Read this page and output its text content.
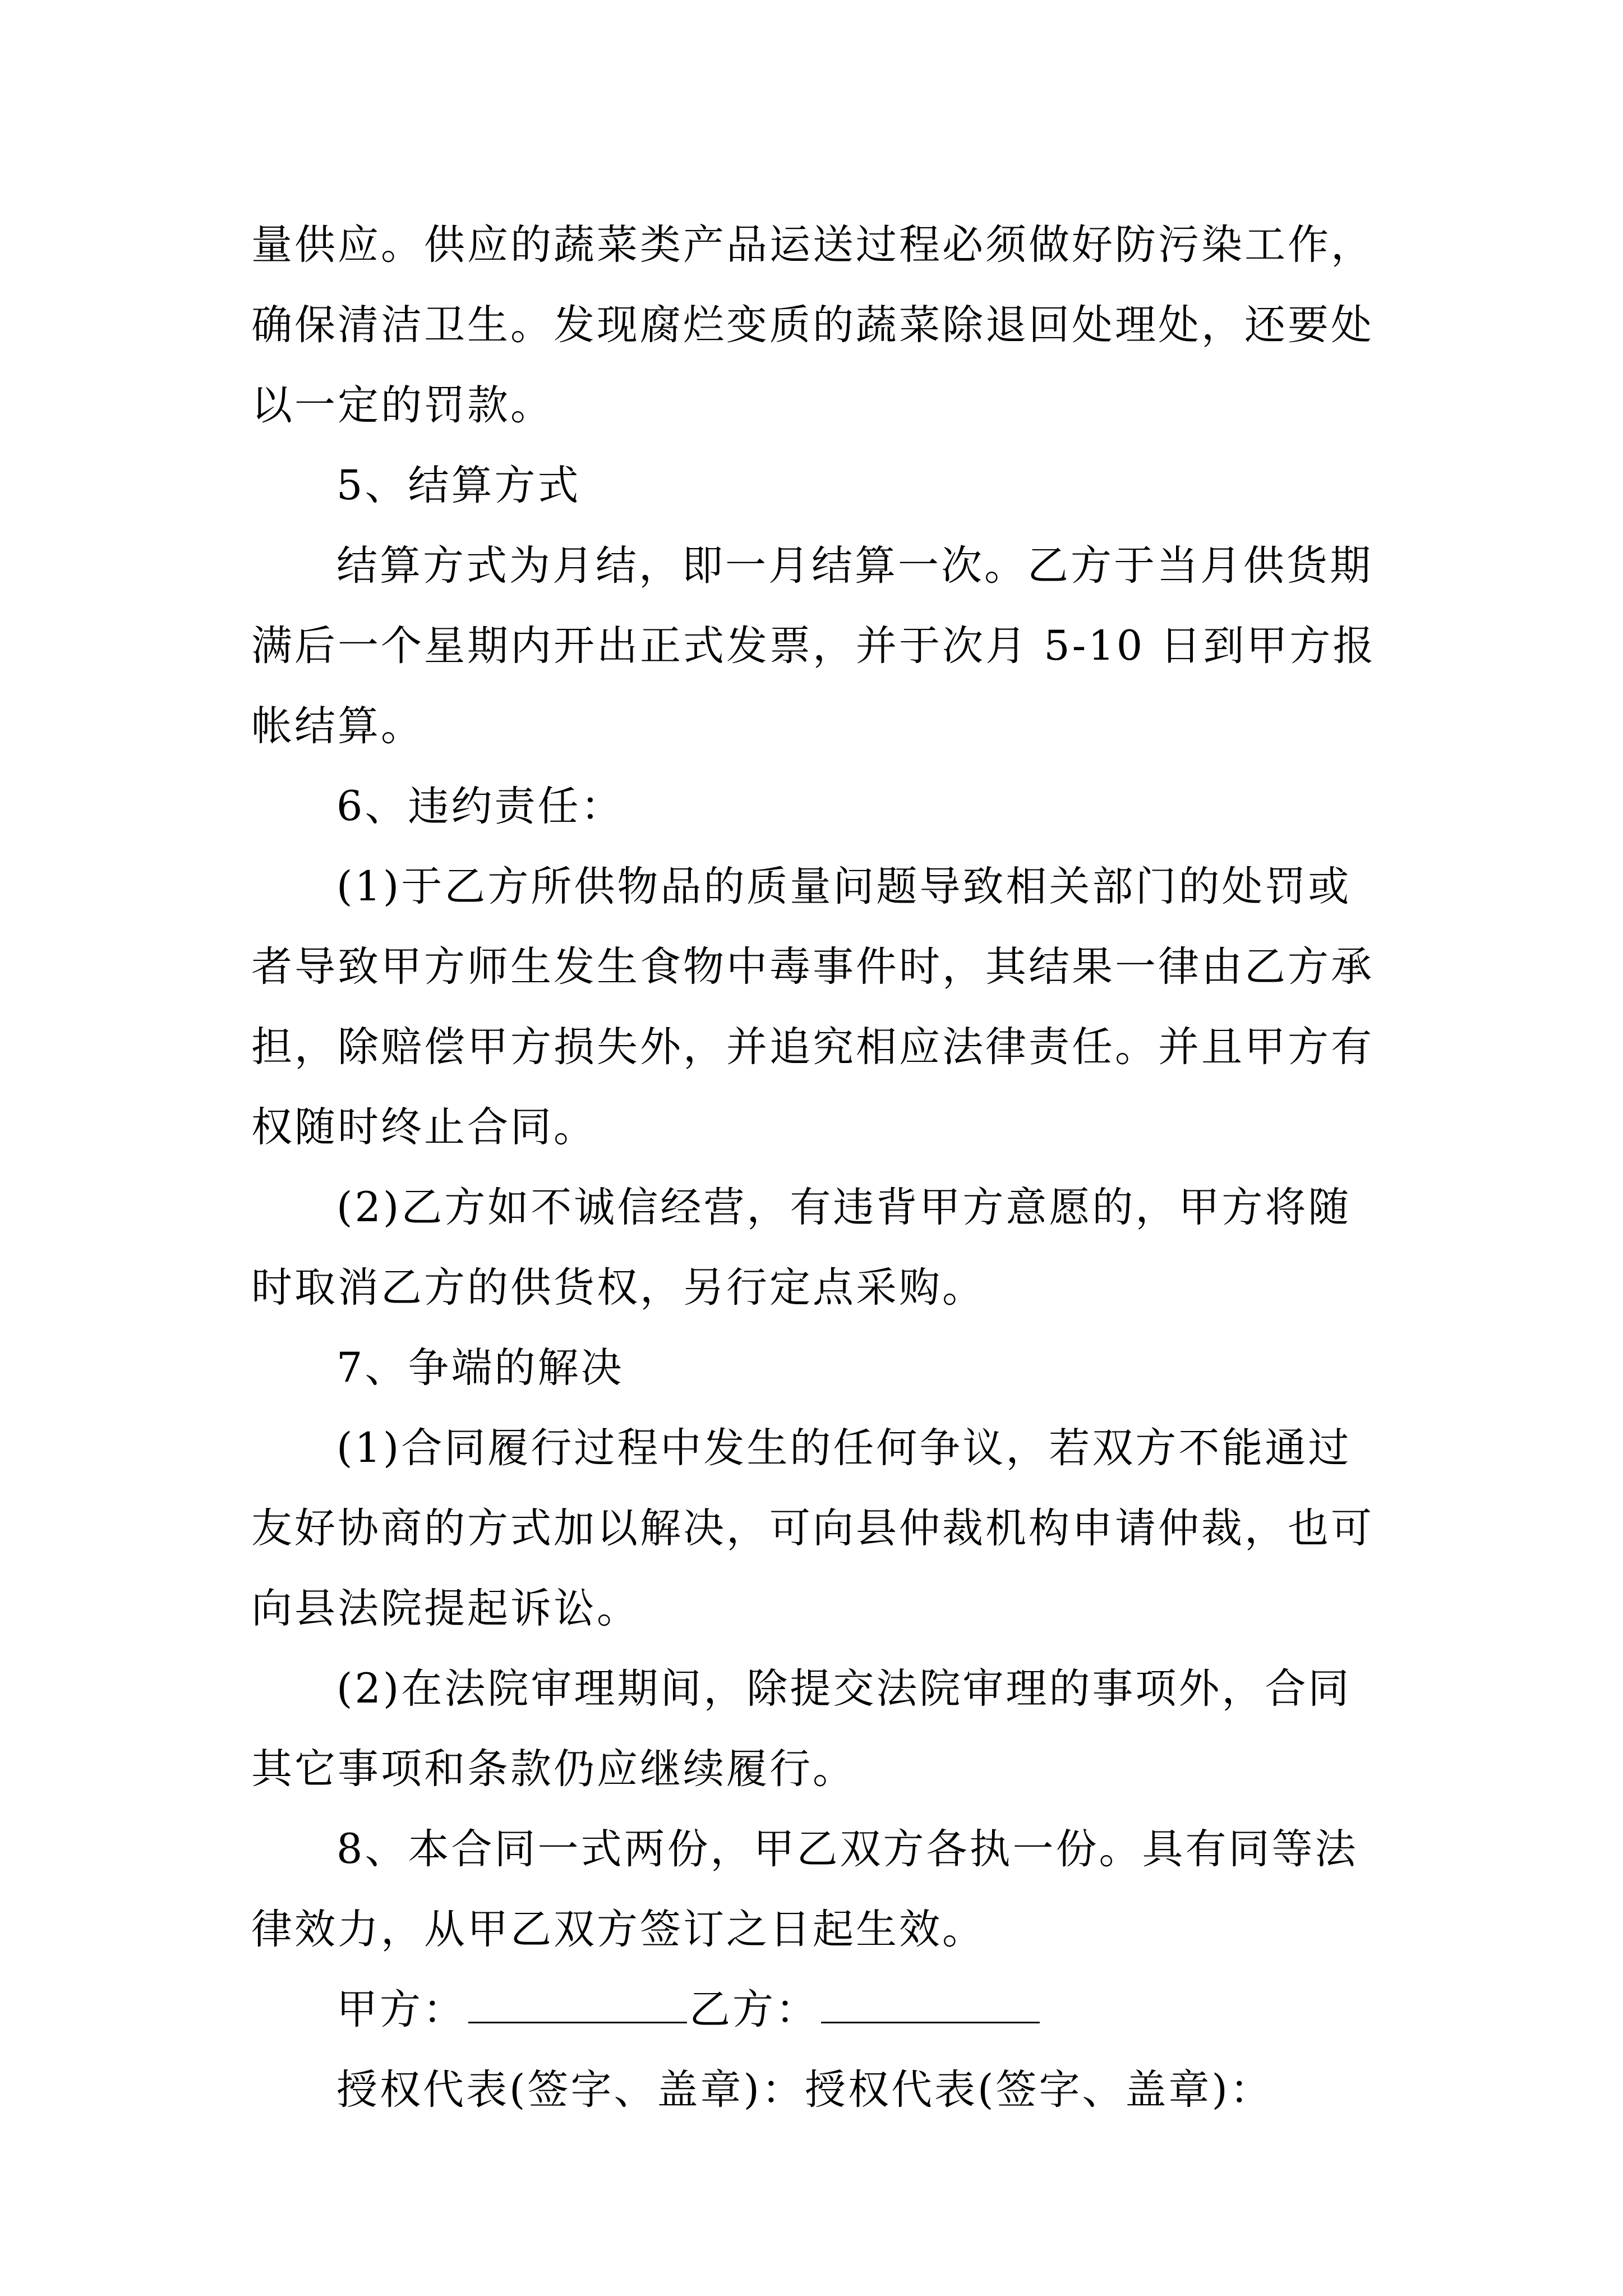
量供应。供应的蔬菜类产品运送过程必须做好防污染工作，
确保清洁卫生。发现腐烂变质的蔬菜除退回处理处，还要处
以一定的罚款。
5、结算方式
结算方式为月结，即一月结算一次。乙方于当月供货期
满后一个星期内开出正式发票，并于次月 5-10 日到甲方报
帐结算。
6、违约责任：
(1)于乙方所供物品的质量问题导致相关部门的处罚或
者导致甲方师生发生食物中毒事件时，其结果一律由乙方承
担，除赔偿甲方损失外，并追究相应法律责任。并且甲方有
权随时终止合同。
(2)乙方如不诚信经营，有违背甲方意愿的，甲方将随
时取消乙方的供货权，另行定点采购。
7、争端的解决
(1)合同履行过程中发生的任何争议，若双方不能通过
友好协商的方式加以解决，可向县仲裁机构申请仲裁，也可
向县法院提起诉讼。
(2)在法院审理期间，除提交法院审理的事项外，合同
其它事项和条款仍应继续履行。
8、本合同一式两份，甲乙双方各执一份。具有同等法
律效力，从甲乙双方签订之日起生效。
甲方：	乙方：
授权代表(签字、盖章)：授权代表(签字、盖章)：
